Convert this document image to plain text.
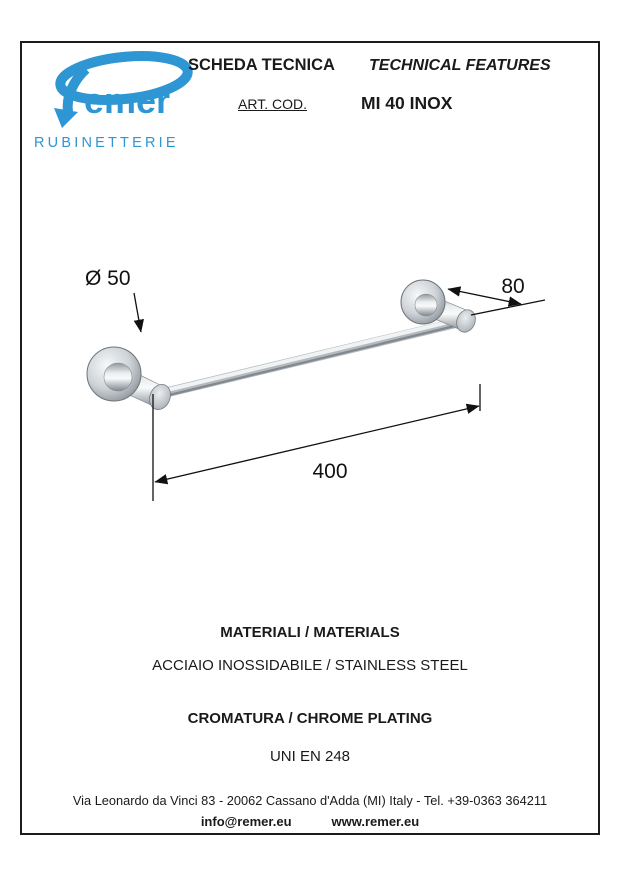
emer
RUBINETTERIE
SCHEDA TECNICA TECHNICAL FEATURES
ART. COD.	MI 40 INOX
Ø 50	80
400
MATERIALI / MATERIALS
ACCIAIO INOSSIDABILE / STAINLESS STEEL
CROMATURA / CHROME PLATING
UNI EN 248
Via Leonardo da Vinci 83 - 20062 Cassano d'Adda (MI) Italy - Tel. +39-0363 364211
info@remer.eu	www.remer.eu
